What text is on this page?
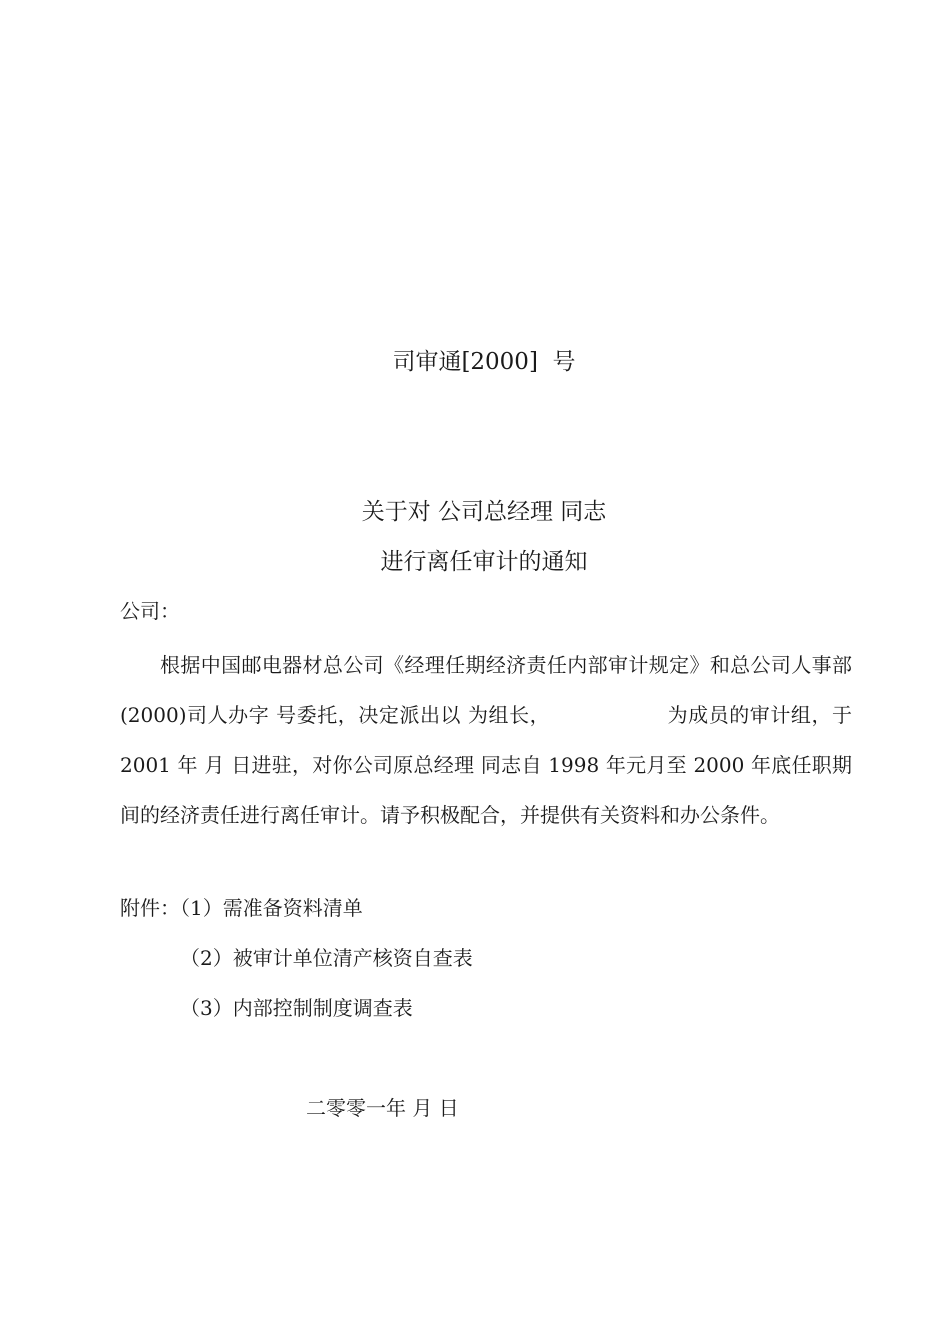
司审通[2000]  号
关于对 公司总经理 同志
进行离任审计的通知
公司：

根据中国邮电器材总公司《经理任期经济责任内部审计规定》和总公司人事部(2000)司人办字 号委托，决定派出以 为组长，                 为成员的审计组，于 2001 年 月 日进驻，对你公司原总经理 同志自 1998 年元月至 2000 年底任职期间的经济责任进行离任审计。请予积极配合，并提供有关资料和办公条件。

附件：（1）需准备资料清单
（2）被审计单位清产核资自查表
（3）内部控制制度调查表
二零零一年 月 日
